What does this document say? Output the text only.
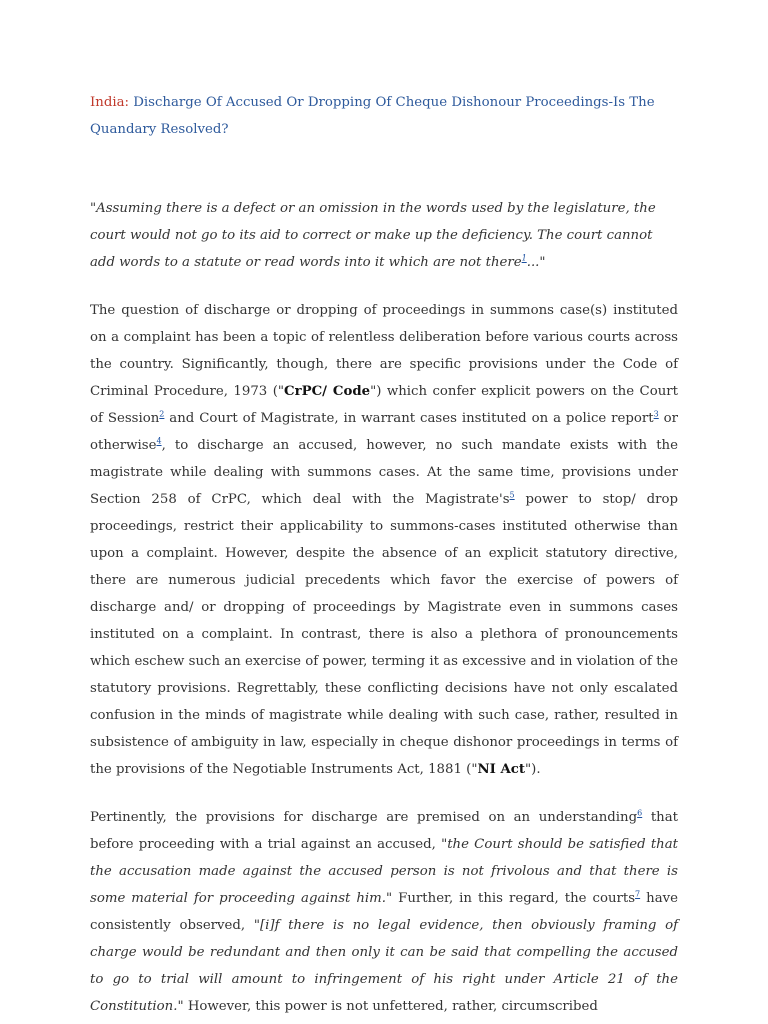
India: Discharge Of Accused Or Dropping Of Cheque Dishonour Proceedings-Is The Quandary Resolved?

"Assuming there is a defect or an omission in the words used by the legislature, the court would not go to its aid to correct or make up the deficiency. The court cannot add words to a statute or read words into it which are not there$^1$..."

The question of discharge or dropping of proceedings in summons case(s) instituted on a complaint has been a topic of relentless deliberation before various courts across the country. Significantly, though, there are specific provisions under the Code of Criminal Procedure, 1973 ("CrPC/ Code") which confer explicit powers on the Court of Session$^2$ and Court of Magistrate, in warrant cases instituted on a police report$^3$ or otherwise$^4$, to discharge an accused, however, no such mandate exists with the magistrate while dealing with summons cases. At the same time, provisions under Section 258 of CrPC, which deal with the $Magistrate's^5$ power to stop/ drop proceedings, restrict their applicability to summons-cases instituted otherwise than upon a complaint. However, despite the absence of an explicit statutory directive, there are numerous judicial precedents which favor the exercise of powers of discharge and/ or dropping of proceedings by Magistrate even in summons cases instituted on a complaint. In contrast, there is also a plethora of pronouncements which eschew such an exercise of power, terming it as excessive and in violation of the statutory provisions. Regrettably, these conflicting decisions have not only escalated confusion in the minds of magistrate while dealing with such case, rather, resulted in subsistence of ambiguity in law, especially in cheque dishonor proceedings in terms of the provisions of the Negotiable Instruments Act, 1881 ("NI Act").

Pertinently, the provisions for discharge are premised on an understanding$^6$ that before proceeding with a trial against an accused, "the Court should be satisfied that the accusation made against the accused person is not frivolous and that there is some material for proceeding against him." Further, in this regard, the courts$^7$ have consistently observed, "[i]f there is no legal evidence, then obviously framing of charge would be redundant and then only it can be said that compelling the accused to go to trial will amount to infringement of his right under Article 21 of the Constitution." However, this power is not unfettered, rather, circumscribed
